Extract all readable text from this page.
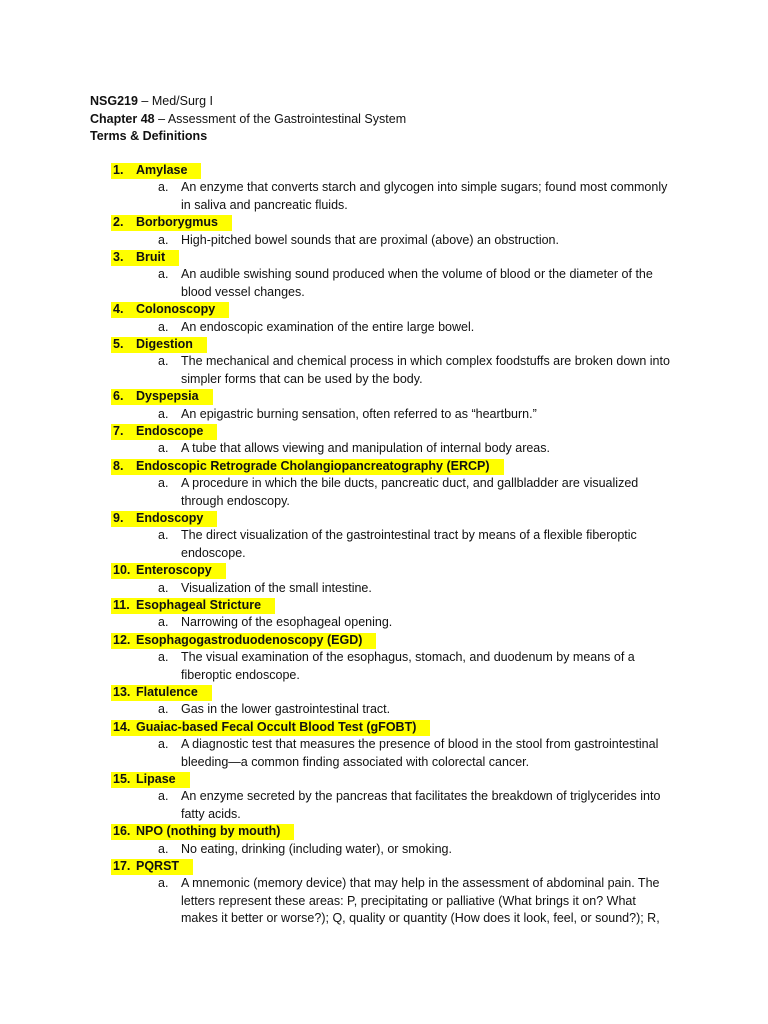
NSG219 – Med/Surg I
Chapter 48 – Assessment of the Gastrointestinal System
Terms & Definitions
1. Amylase
a. An enzyme that converts starch and glycogen into simple sugars; found most commonly
in saliva and pancreatic fluids.
2. Borborygmus
a. High-pitched bowel sounds that are proximal (above) an obstruction.
3. Bruit
a. An audible swishing sound produced when the volume of blood or the diameter of the
blood vessel changes.
4. Colonoscopy
a. An endoscopic examination of the entire large bowel.
5. Digestion
a. The mechanical and chemical process in which complex foodstuffs are broken down into
simpler forms that can be used by the body.
6. Dyspepsia
a. An epigastric burning sensation, often referred to as “heartburn.”
7. Endoscope
a. A tube that allows viewing and manipulation of internal body areas.
8. Endoscopic Retrograde Cholangiopancreatography (ERCP)
a. A procedure in which the bile ducts, pancreatic duct, and gallbladder are visualized
through endoscopy.
9. Endoscopy
a. The direct visualization of the gastrointestinal tract by means of a flexible fiberoptic
endoscope.
10. Enteroscopy
a. Visualization of the small intestine.
11. Esophageal Stricture
a. Narrowing of the esophageal opening.
12. Esophagogastroduodenoscopy (EGD)
a. The visual examination of the esophagus, stomach, and duodenum by means of a
fiberoptic endoscope.
13. Flatulence
a. Gas in the lower gastrointestinal tract.
14. Guaiac-based Fecal Occult Blood Test (gFOBT)
a. A diagnostic test that measures the presence of blood in the stool from gastrointestinal
bleeding—a common finding associated with colorectal cancer.
15. Lipase
a. An enzyme secreted by the pancreas that facilitates the breakdown of triglycerides into
fatty acids.
16. NPO (nothing by mouth)
a. No eating, drinking (including water), or smoking.
17. PQRST
a. A mnemonic (memory device) that may help in the assessment of abdominal pain. The
letters represent these areas: P, precipitating or palliative (What brings it on? What
makes it better or worse?); Q, quality or quantity (How does it look, feel, or sound?); R,
